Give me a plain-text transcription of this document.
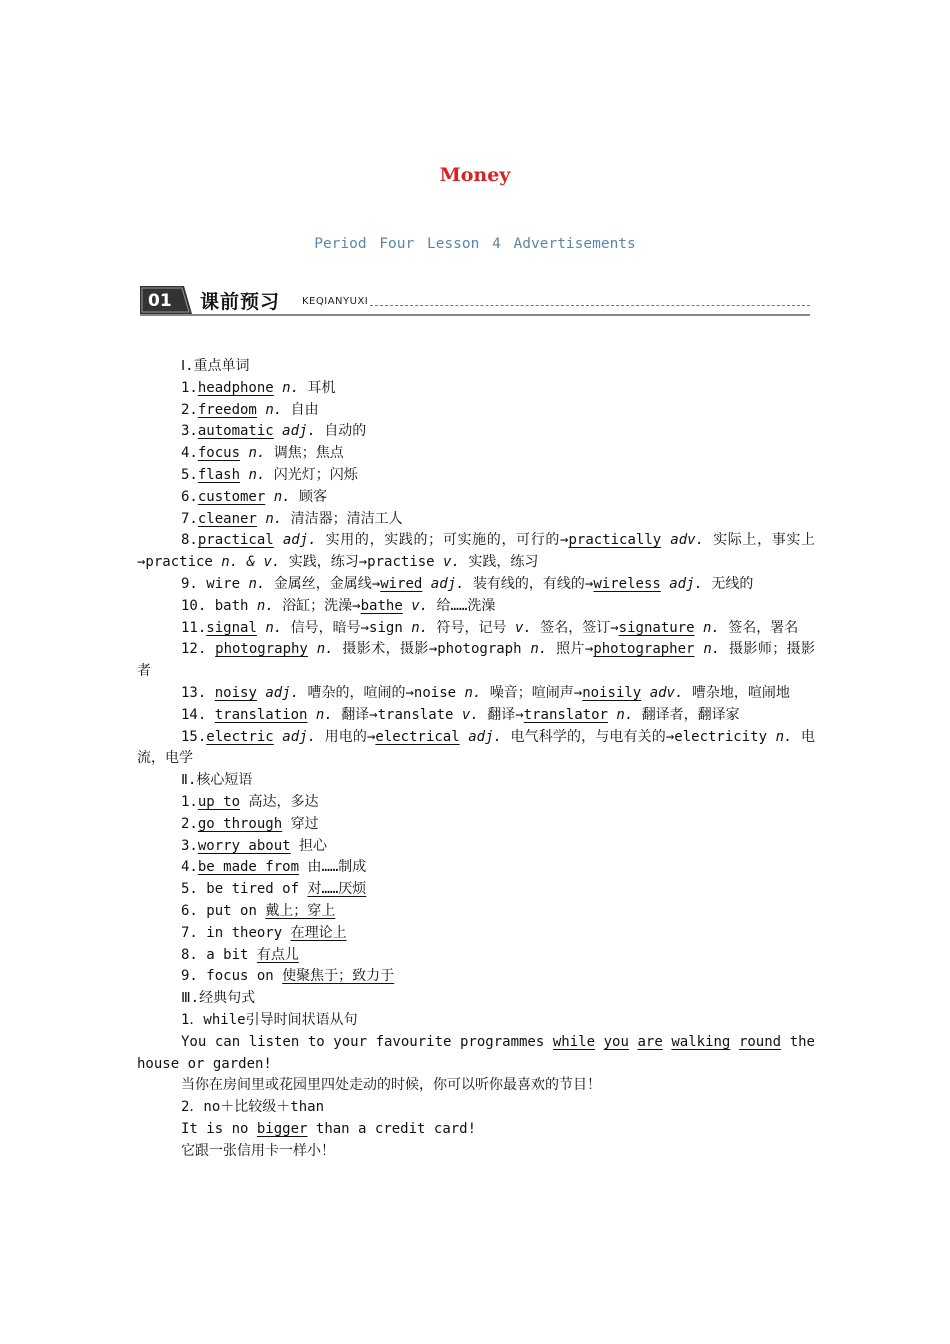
Money
Period Four Lesson 4 Advertisements
01 课前预习 KEQIANYUXI

Ⅰ.重点单词

1.headphone n. 耳机

2.freedom n. 自由

3.automatic adj. 自动的

4.focus n. 调焦；焦点

5.flash n. 闪光灯；闪烁

6.customer n. 顾客

7.cleaner n. 清洁器；清洁工人

8.practical adj. 实用的，实践的；可实施的，可行的→practically adv. 实际上，事实上→practice n. & v. 实践，练习→practise v. 实践，练习

9. wire n. 金属丝，金属线→wired adj. 装有线的，有线的→wireless adj. 无线的

10. bath n. 浴缸；洗澡→bathe v. 给……洗澡

11.signal n. 信号，暗号→sign n. 符号，记号 v. 签名，签订→signature n. 签名，署名

12. photography n. 摄影术，摄影→photograph n. 照片→photographer n. 摄影师；摄影者

13. noisy adj. 嘈杂的，喧闹的→noise n. 噪音；喧闹声→noisily adv. 嘈杂地，喧闹地

14. translation n. 翻译→translate v. 翻译→translator n. 翻译者，翻译家

15.electric adj. 用电的→electrical adj. 电气科学的，与电有关的→electricity n. 电流，电学

Ⅱ.核心短语

1.up to 高达，多达

2.go through 穿过

3.worry about 担心

4.be made from 由……制成

5. be tired of 对……厌烦

6. put on 戴上；穿上

7. in theory 在理论上

8. a bit 有点儿

9. focus on 使聚焦于；致力于

Ⅲ.经典句式

1．while引导时间状语从句

You can listen to your favourite programmes while you are walking round the house or garden!

当你在房间里或花园里四处走动的时候，你可以听你最喜欢的节目！

2．no＋比较级＋than

It is no bigger than a credit card!

它跟一张信用卡一样小！
